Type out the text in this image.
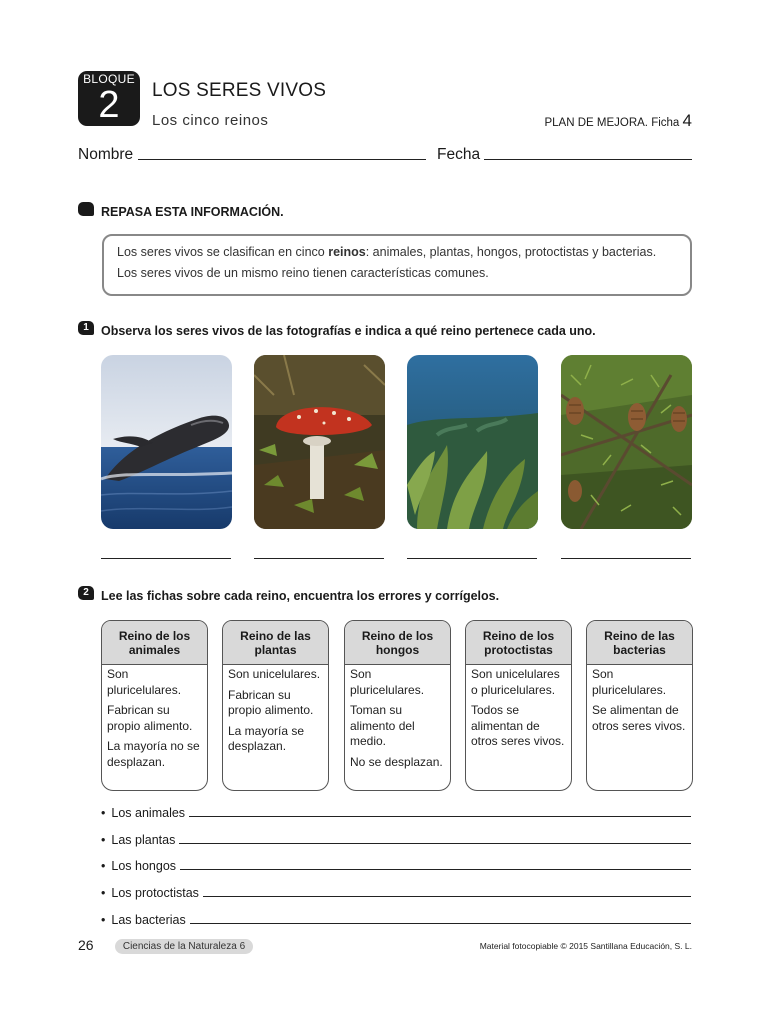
BLOQUE
2	LOS SERES VIVOS
Los cinco reinos	PLAN DE MEJORA. Ficha 4
Nombre	Fecha
REPASA ESTA INFORMACIÓN.
Los seres vivos se clasifican en cinco reinos: animales, plantas, hongos, protoctistas y bacterias.
Los seres vivos de un mismo reino tienen características comunes.
1 Observa los seres vivos de las fotografías e indica a qué reino pertenece cada uno.
2 Lee las fichas sobre cada reino, encuentra los errores y corrígelos.
Reino de los animales

Son pluricelulares.

Fabrican su propio alimento.

La mayoría no se desplazan.

Reino de las plantas

Son unicelulares.

Fabrican su propio alimento.

La mayoría se desplazan.

Reino de los hongos

Son pluricelulares.

Toman su alimento del medio.

No se desplazan.

Reino de los protoctistas

Son unicelulares o pluricelulares.

Todos se alimentan de otros seres vivos.

Reino de las bacterias

Son pluricelulares.

Se alimentan de otros seres vivos.

• Los animales
• Las plantas
• Los hongos
• Los protoctistas
• Las bacterias
26	Ciencias de la Naturaleza 6	Material fotocopiable © 2015 Santillana Educación, S. L.
